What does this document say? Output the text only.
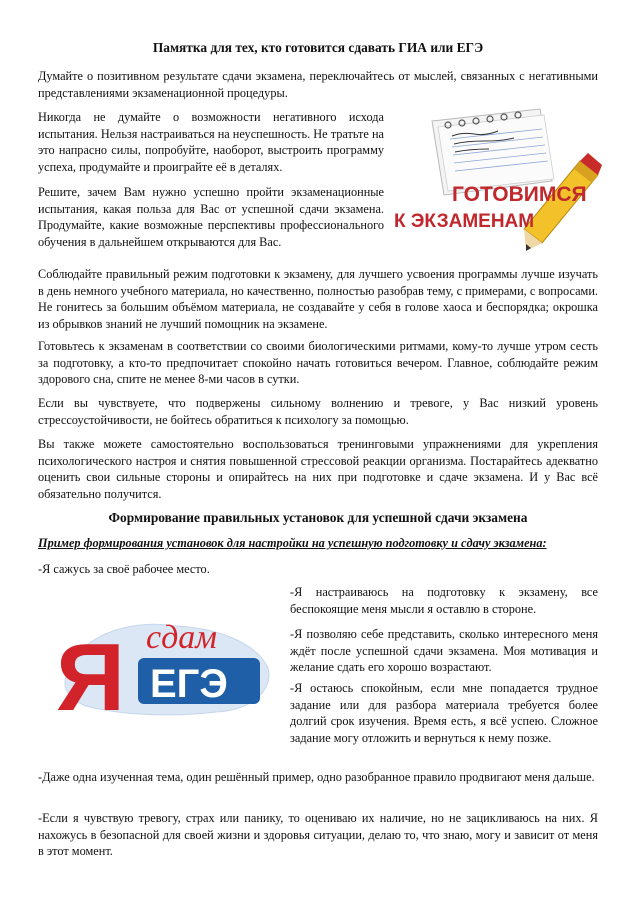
Памятка для тех, кто готовится сдавать ГИА или ЕГЭ

Думайте о позитивном результате сдачи экзамена, переключайтесь от мыслей, связанных с негативными представлениями экзаменационной процедуры.

Никогда не думайте о возможности негативного исхода испытания. Нельзя настраиваться на неуспешность. Не тратьте на это напрасно силы, попробуйте, наоборот, выстроить программу успеха, продумайте и проиграйте её в деталях.

Решите, зачем Вам нужно успешно пройти экзаменационные испытания, какая польза для Вас от успешной сдачи экзамена. Продумайте, какие возможные перспективы профессионального обучения в дальнейшем открываются для Вас.

ГОТОВИМСЯ
К ЭКЗАМЕНАМ

Соблюдайте правильный режим подготовки к экзамену, для лучшего усвоения программы лучше изучать в день немного учебного материала, но качественно, полностью разобрав тему, с примерами, с вопросами. Не гонитесь за большим объёмом материала, не создавайте у себя в голове хаоса и беспорядка; окрошка из обрывков знаний не лучший помощник на экзамене.

Готовьтесь к экзаменам в соответствии со своими биологическими ритмами, кому-то лучше утром сесть за подготовку, а кто-то предпочитает спокойно начать готовиться вечером. Главное, соблюдайте режим здорового сна, спите не менее 8-ми часов в сутки.

Если вы чувствуете, что подвержены сильному волнению и тревоге, у Вас низкий уровень стрессоустойчивости, не бойтесь обратиться к психологу за помощью.

Вы также можете самостоятельно воспользоваться тренинговыми упражнениями для укрепления психологического настроя и снятия повышенной стрессовой реакции организма. Постарайтесь адекватно оценить свои сильные стороны и опирайтесь на них при подготовке и сдаче экзамена. И у Вас всё обязательно получится.

Формирование правильных установок для успешной сдачи экзамена
Пример формирования установок для настройки на успешную подготовку и сдачу экзамена:

-Я сажусь за своё рабочее место.

Я сдам
ЕГЭ

-Я настраиваюсь на подготовку к экзамену, все беспокоящие меня мысли я оставлю в стороне.

-Я позволяю себе представить, сколько интересного меня ждёт после успешной сдачи экзамена. Моя мотивация и желание сдать его хорошо возрастают.

-Я остаюсь спокойным, если мне попадается трудное задание или для разбора материала требуется более долгий срок изучения. Время есть, я всё успею. Сложное задание могу отложить и вернуться к нему позже.

-Даже одна изученная тема, один решённый пример, одно разобранное правило продвигают меня дальше.

-Если я чувствую тревогу, страх или панику, то оцениваю их наличие, но не зацикливаюсь на них. Я нахожусь в безопасной для своей жизни и здоровья ситуации, делаю то, что знаю, могу и зависит от меня в этот момент.
